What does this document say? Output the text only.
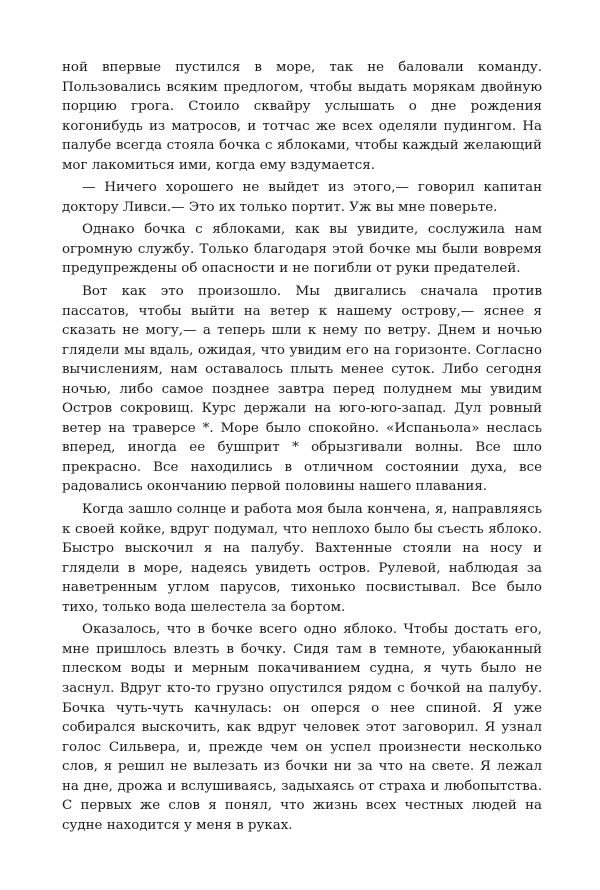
ной впервые пустился в море, так не баловали команду. Пользовались всяким предлогом, чтобы выдать морякам двойную порцию грога. Стоило сквайру услышать о дне рождения когонибудь из матросов, и тотчас же всех оделяли пудингом. На палубе всегда стояла бочка с яблоками, чтобы каждый желающий мог лакомиться ими, когда ему вздумается.

— Ничего хорошего не выйдет из этого,— говорил капитан доктору Ливси.— Это их только портит. Уж вы мне поверьте.

Однако бочка с яблоками, как вы увидите, сослужила нам огромную службу. Только благодаря этой бочке мы были вовремя предупреждены об опасности и не погибли от руки предателей.

Вот как это произошло. Мы двигались сначала против пассатов, чтобы выйти на ветер к нашему острову,— яснее я сказать не могу,— а теперь шли к нему по ветру. Днем и ночью глядели мы вдаль, ожидая, что увидим его на горизонте. Согласно вычислениям, нам оставалось плыть менее суток. Либо сегодня ночью, либо самое позднее завтра перед полуднем мы увидим Остров сокровищ. Курс держали на юго-юго-запад. Дул ровный ветер на траверсе *. Море было спокойно. «Испаньола» неслась вперед, иногда ее бушприт * обрызгивали волны. Все шло прекрасно. Все находились в отличном состоянии духа, все радовались окончанию первой половины нашего плавания.

Когда зашло солнце и работа моя была кончена, я, направляясь к своей койке, вдруг подумал, что неплохо было бы съесть яблоко. Быстро выскочил я на палубу. Вахтенные стояли на носу и глядели в море, надеясь увидеть остров. Рулевой, наблюдая за наветренным углом парусов, тихонько посвистывал. Все было тихо, только вода шелестела за бортом.

Оказалось, что в бочке всего одно яблоко. Чтобы достать его, мне пришлось влезть в бочку. Сидя там в темноте, убаюканный плеском воды и мерным покачиванием судна, я чуть было не заснул. Вдруг кто-то грузно опустился рядом с бочкой на палубу. Бочка чуть-чуть качнулась: он оперся о нее спиной. Я уже собирался выскочить, как вдруг человек этот заговорил. Я узнал голос Сильвера, и, прежде чем он успел произнести несколько слов, я решил не вылезать из бочки ни за что на свете. Я лежал на дне, дрожа и вслушиваясь, задыхаясь от страха и любопытства. С первых же слов я понял, что жизнь всех честных людей на судне находится у меня в руках.
